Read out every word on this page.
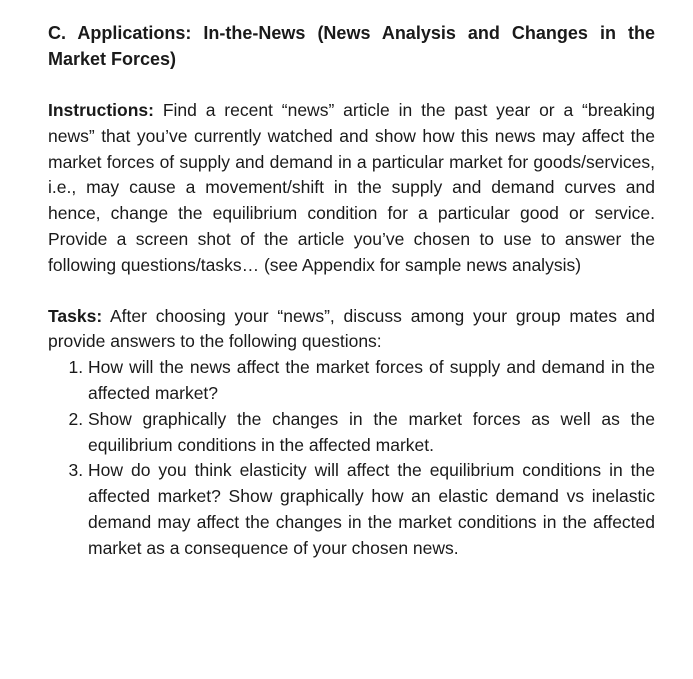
C. Applications: In-the-News (News Analysis and Changes in the Market Forces)

Instructions: Find a recent “news” article in the past year or a “breaking news” that you’ve currently watched and show how this news may affect the market forces of supply and demand in a particular market for goods/services, i.e., may cause a movement/shift in the supply and demand curves and hence, change the equilibrium condition for a particular good or service. Provide a screen shot of the article you’ve chosen to use to answer the following questions/tasks… (see Appendix for sample news analysis)

Tasks: After choosing your “news”, discuss among your group mates and provide answers to the following questions:

1. How will the news affect the market forces of supply and demand in the affected market?
2. Show graphically the changes in the market forces as well as the equilibrium conditions in the affected market.
3. How do you think elasticity will affect the equilibrium conditions in the affected market? Show graphically how an elastic demand vs inelastic demand may affect the changes in the market conditions in the affected market as a consequence of your chosen news.
